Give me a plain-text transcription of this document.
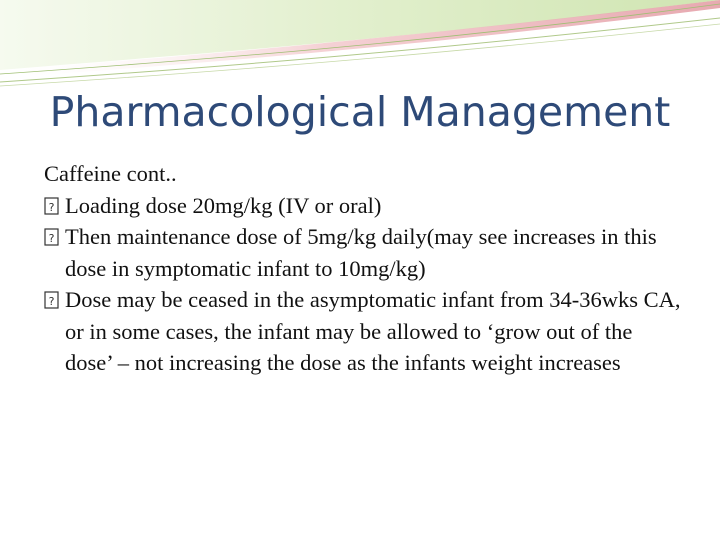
Pharmacological Management

Caffeine cont..

? Loading dose 20mg/kg (IV or oral)
? Then maintenance dose of 5mg/kg daily(may see increases in this dose in symptomatic infant to 10mg/kg)
? Dose may be ceased in the asymptomatic infant from 34-36wks CA, or in some cases, the infant may be allowed to ‘grow out of the dose’ – not increasing the dose as the infants weight increases
